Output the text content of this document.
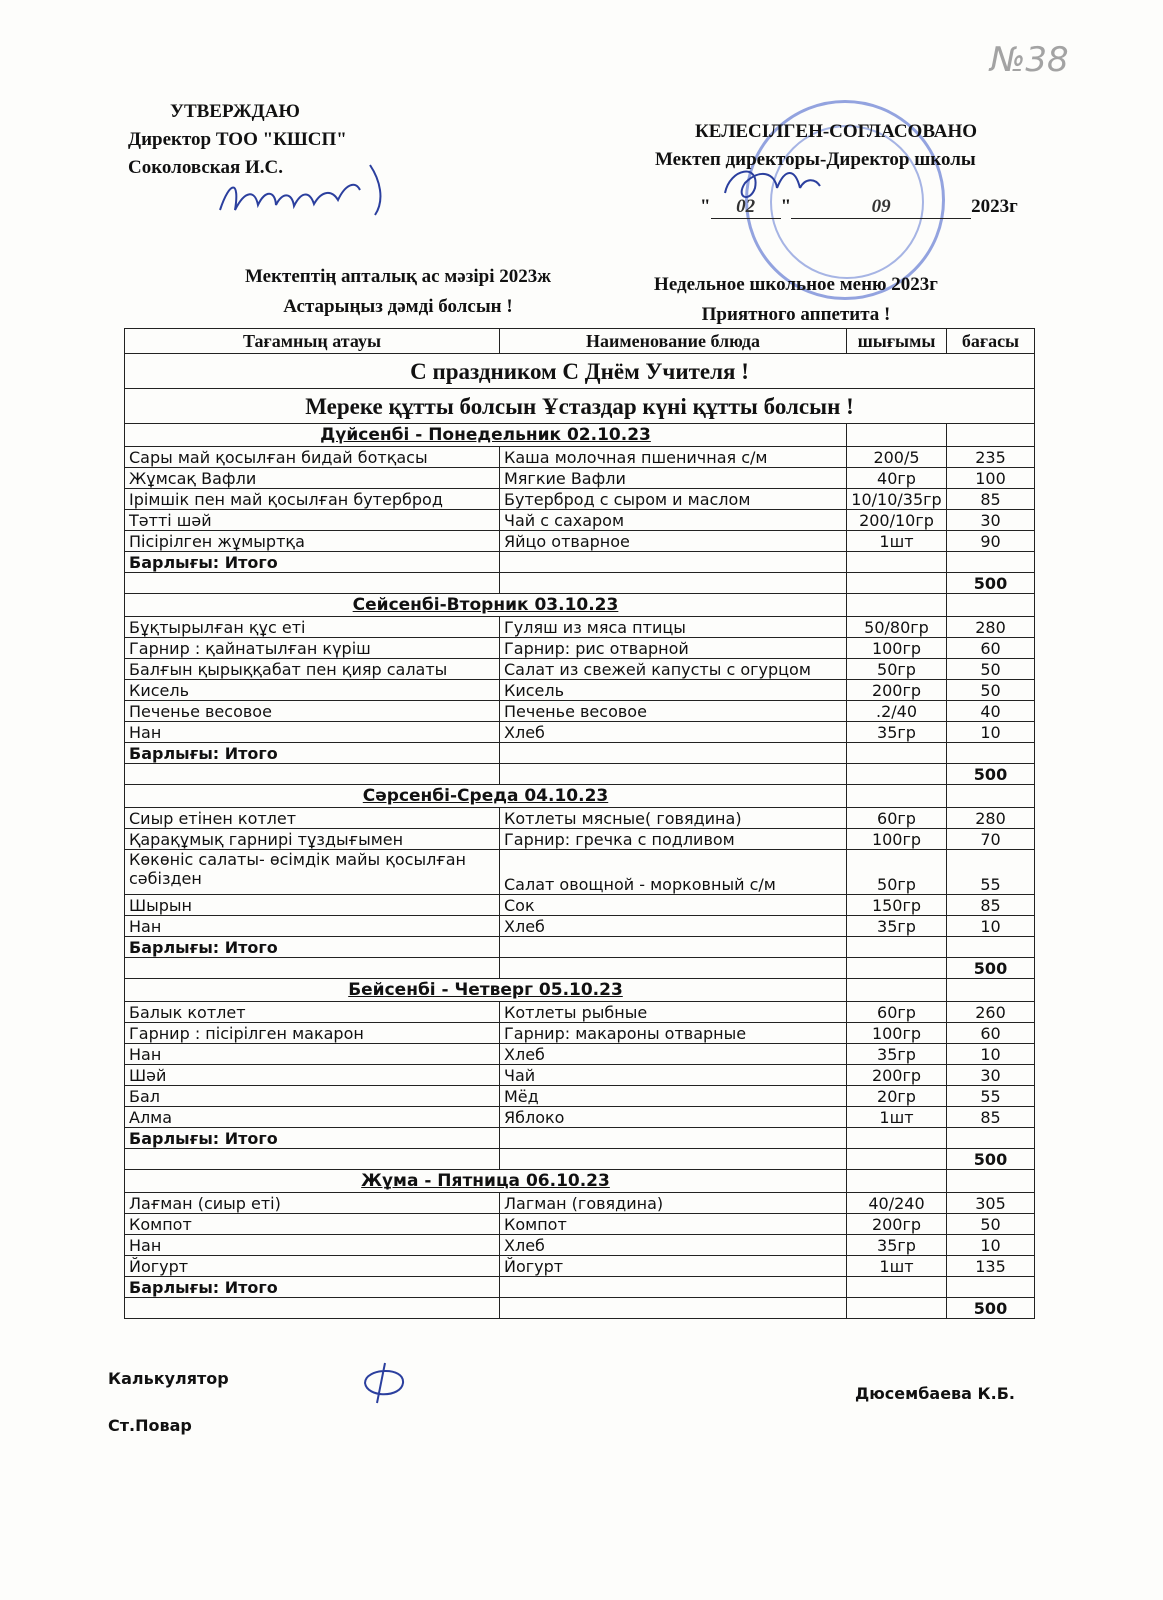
№38
УТВЕРЖДАЮ
Директор ТОО "КШСП"
Соколовская И.С.
КЕЛЕСІЛГЕН-СОГЛАСОВАНО
Мектеп директоры-Директор школы
" 02 "	09	2023г
Мектептің апталық ас мәзірі 2023ж
Астарыңыз дәмді болсын !
Недельное школьное меню 2023г
Приятного аппетита !
Тағамның атауы	Наименование блюда	шығымы	бағасы
С праздником С Днём Учителя !			
Мереке құтты болсын Ұстаздар күні құтты болсын !			
Дүйсенбі - Понедельник 02.10.23			
Сары май қосылған бидай ботқасы	Каша молочная пшеничная с/м	200/5	235
Жұмсақ Вафли	Мягкие Вафли	40гр	100
Ірімшік пен май қосылған бутерброд	Бутерброд с сыром и маслом	10/10/35гр	85
Тәтті шәй	Чай с сахаром	200/10гр	30
Пісірілген жұмыртқа	Яйцо отварное	1шт	90
Барлығы: Итого			
			500
Сейсенбі-Вторник 03.10.23			
Бұқтырылған құс еті	Гуляш из мяса птицы	50/80гр	280
Гарнир : қайнатылған күріш	Гарнир: рис отварной	100гр	60
Балғын қырыққабат пен қияр салаты	Салат из свежей капусты с огурцом	50гр	50
Кисель	Кисель	200гр	50
Печенье весовое	Печенье весовое	.2/40	40
Нан	Хлеб	35гр	10
Барлығы: Итого			
			500
Сәрсенбі-Среда 04.10.23			
Сиыр етінен котлет	Котлеты мясные( говядина)	60гр	280
Қарақұмық гарнирі тұздығымен	Гарнир: гречка с подливом	100гр	70
Көкөніс салаты- өсімдік майы қосылған сәбізден	Салат овощной - морковный с/м	50гр	55
Шырын	Сок	150гр	85
Нан	Хлеб	35гр	10
Барлығы: Итого			
			500
Бейсенбі - Четверг 05.10.23			
Балык котлет	Котлеты рыбные	60гр	260
Гарнир : пісірілген макарон	Гарнир: макароны отварные	100гр	60
Нан	Хлеб	35гр	10
Шәй	Чай	200гр	30
Бал	Мёд	20гр	55
Алма	Яблоко	1шт	85
Барлығы: Итого			
			500
Жұма - Пятница 06.10.23			
Лағман (сиыр еті)	Лагман (говядина)	40/240	305
Компот	Компот	200гр	50
Нан	Хлеб	35гр	10
Йогурт	Йогурт	1шт	135
Барлығы: Итого			
			500
Калькулятор
Дюсембаева К.Б.
Ст.Повар
